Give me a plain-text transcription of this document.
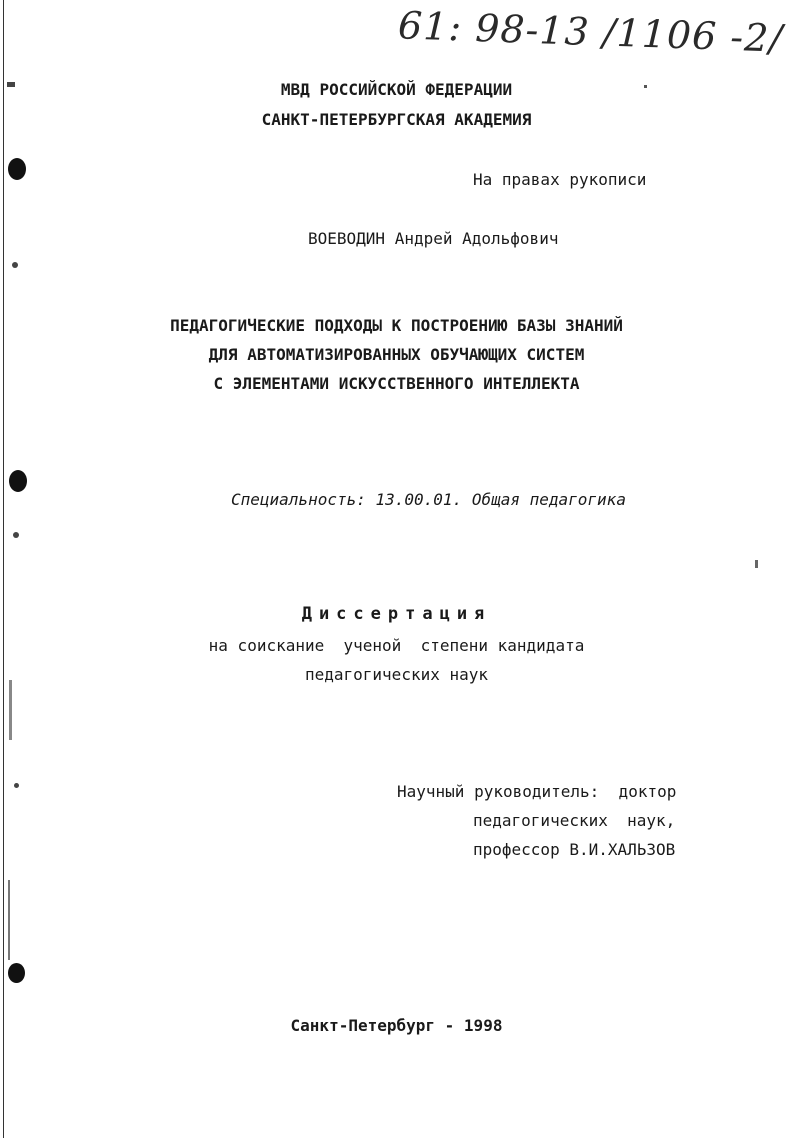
61: 98-13 /1106 -2/
МВД РОССИЙСКОЙ ФЕДЕРАЦИИ
САНКТ-ПЕТЕРБУРГСКАЯ АКАДЕМИЯ
На правах рукописи
ВОЕВОДИН Андрей Адольфович
ПЕДАГОГИЧЕСКИЕ ПОДХОДЫ К ПОСТРОЕНИЮ БАЗЫ ЗНАНИЙ
ДЛЯ АВТОМАТИЗИРОВАННЫХ ОБУЧАЮЩИХ СИСТЕМ
С ЭЛЕМЕНТАМИ ИСКУССТВЕННОГО ИНТЕЛЛЕКТА
Специальность: 13.00.01. Общая педагогика
Диссертация
на соискание  ученой  степени кандидата
педагогических наук
Научный руководитель:  доктор
педагогических  наук,
профессор В.И.ХАЛЬЗОВ
Санкт-Петербург - 1998
